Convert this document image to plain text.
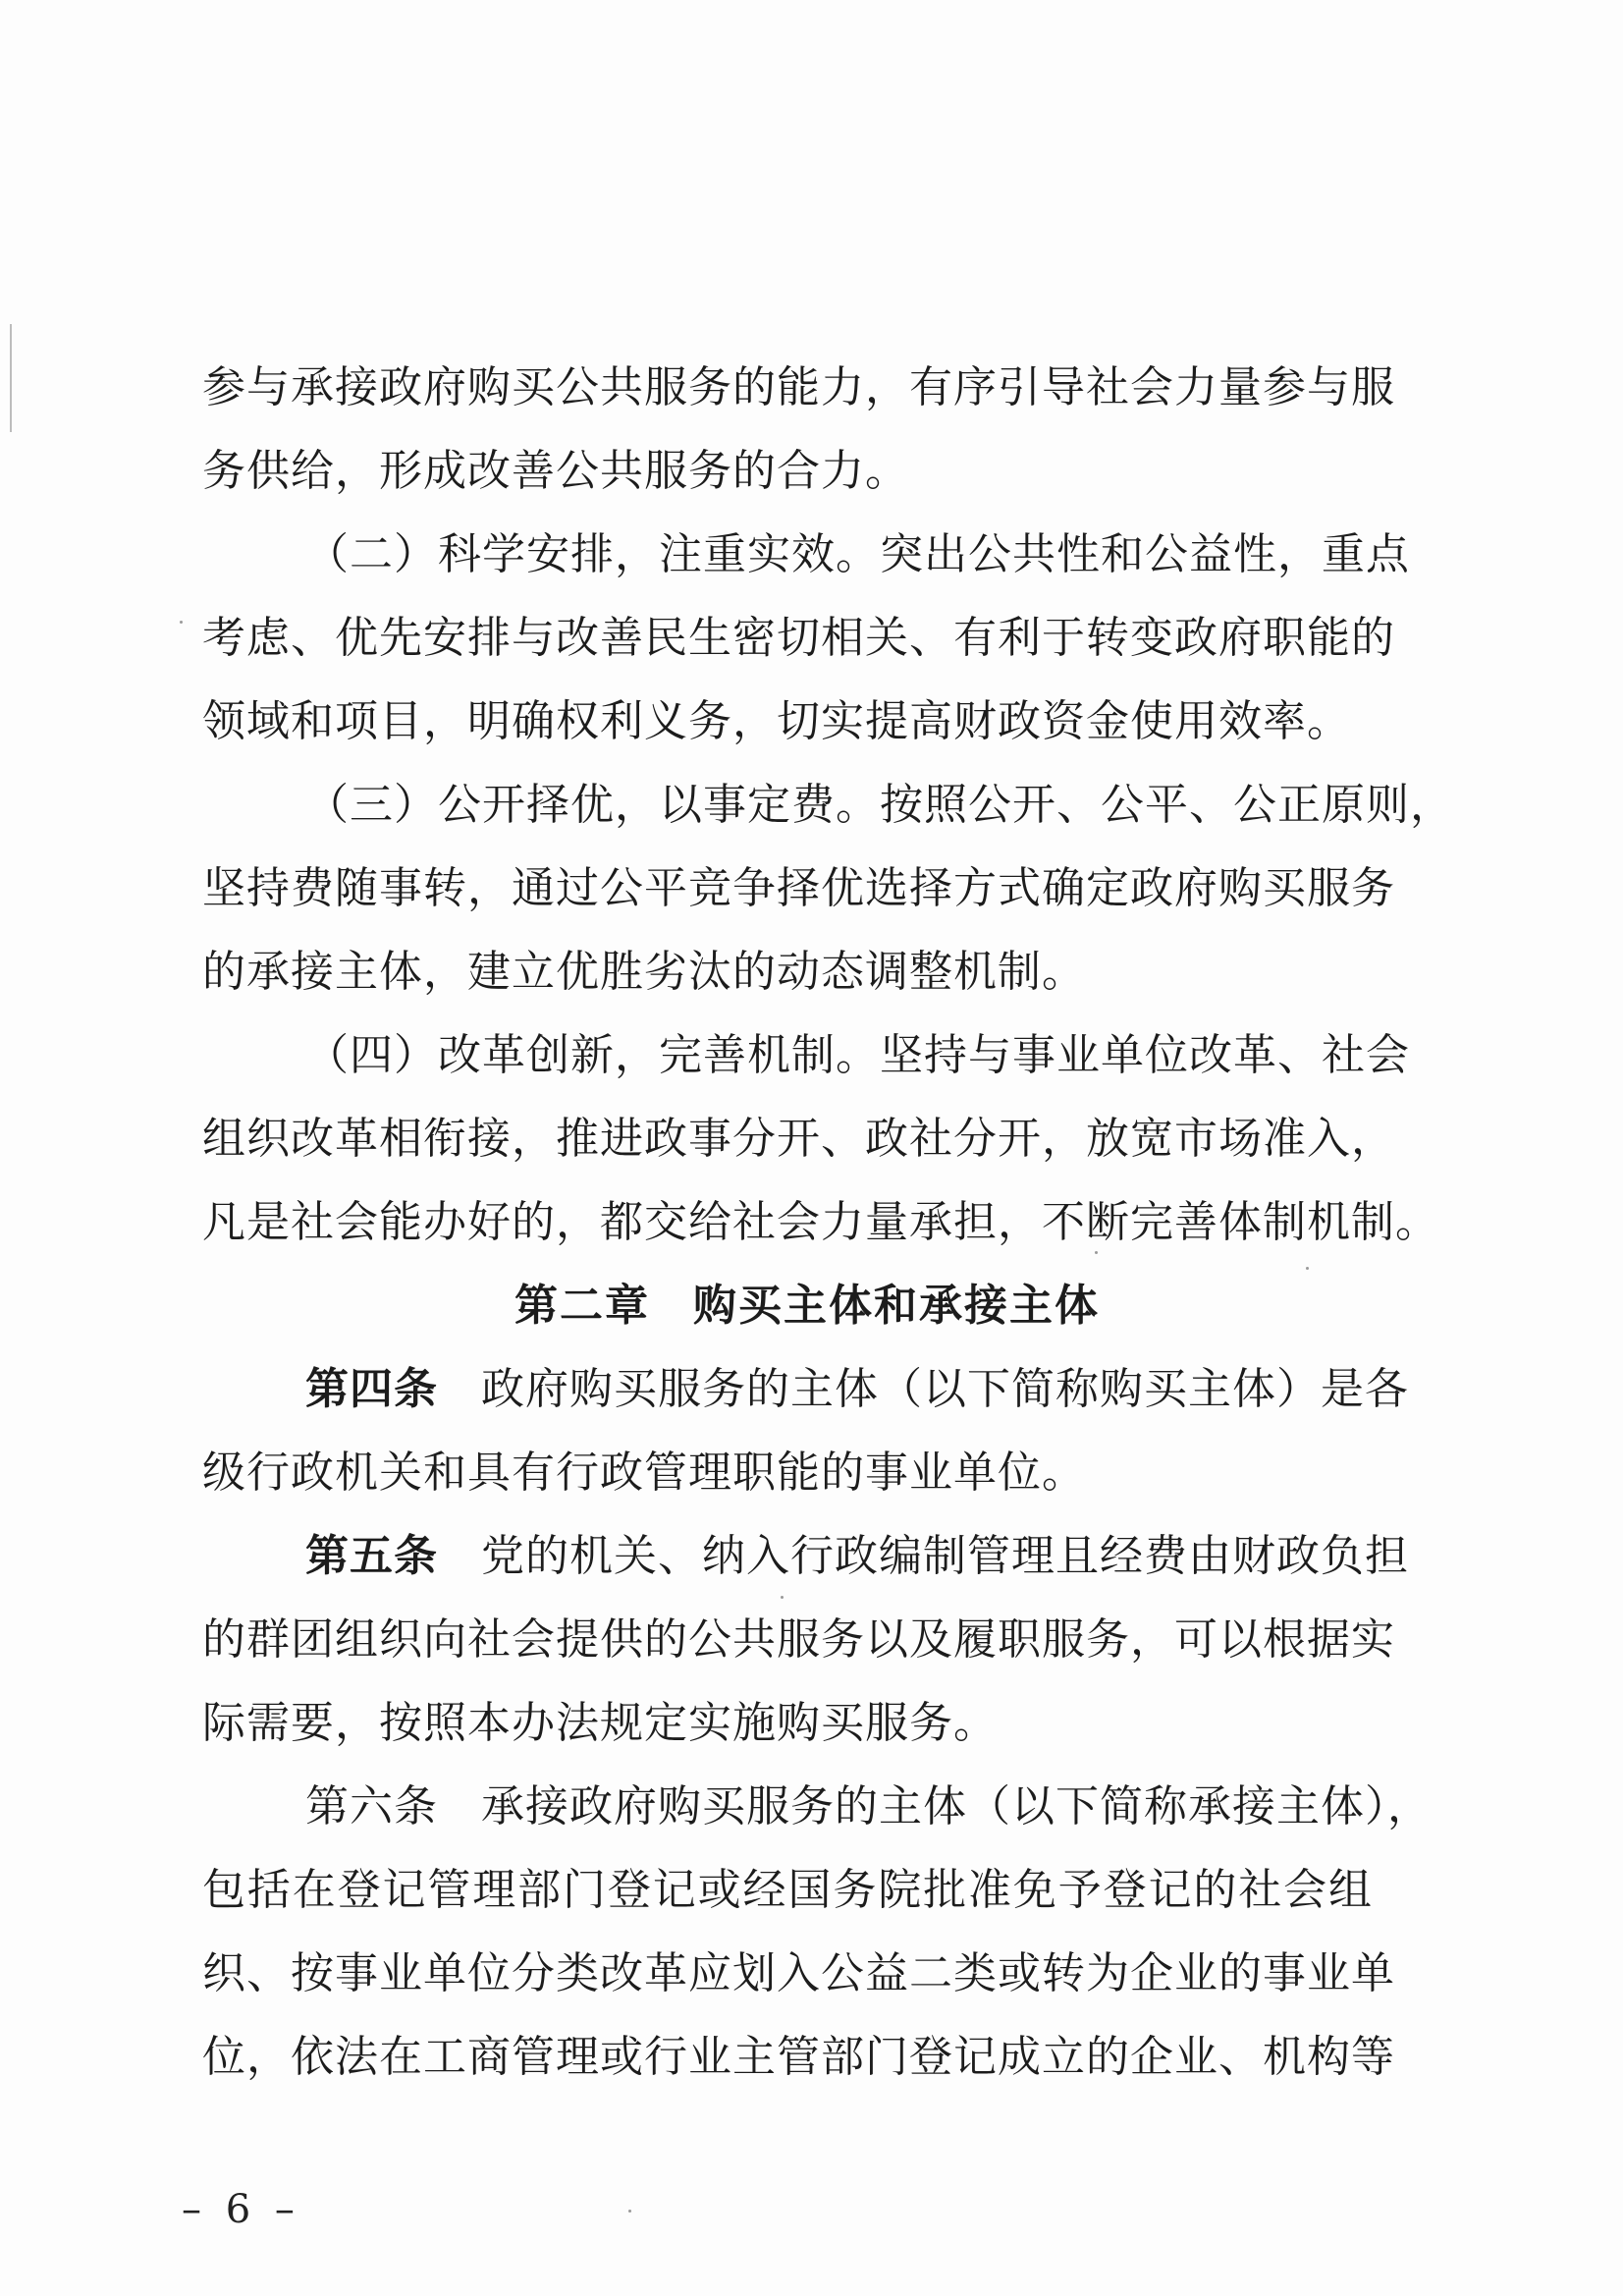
参与承接政府购买公共服务的能力，有序引导社会力量参与服
务供给，形成改善公共服务的合力。
（二）科学安排，注重实效。突出公共性和公益性，重点
考虑、优先安排与改善民生密切相关、有利于转变政府职能的
领域和项目，明确权利义务，切实提高财政资金使用效率。
（三）公开择优，以事定费。按照公开、公平、公正原则，
坚持费随事转，通过公平竞争择优选择方式确定政府购买服务
的承接主体，建立优胜劣汰的动态调整机制。
（四）改革创新，完善机制。坚持与事业单位改革、社会
组织改革相衔接，推进政事分开、政社分开，放宽市场准入，
凡是社会能办好的，都交给社会力量承担，不断完善体制机制。
第二章 购买主体和承接主体
第四条 政府购买服务的主体（以下简称购买主体）是各
级行政机关和具有行政管理职能的事业单位。
第五条 党的机关、纳入行政编制管理且经费由财政负担
的群团组织向社会提供的公共服务以及履职服务，可以根据实
际需要，按照本办法规定实施购买服务。
第六条 承接政府购买服务的主体（以下简称承接主体），
包括在登记管理部门登记或经国务院批准免予登记的社会组
织、按事业单位分类改革应划入公益二类或转为企业的事业单
位，依法在工商管理或行业主管部门登记成立的企业、机构等
– 6 –
